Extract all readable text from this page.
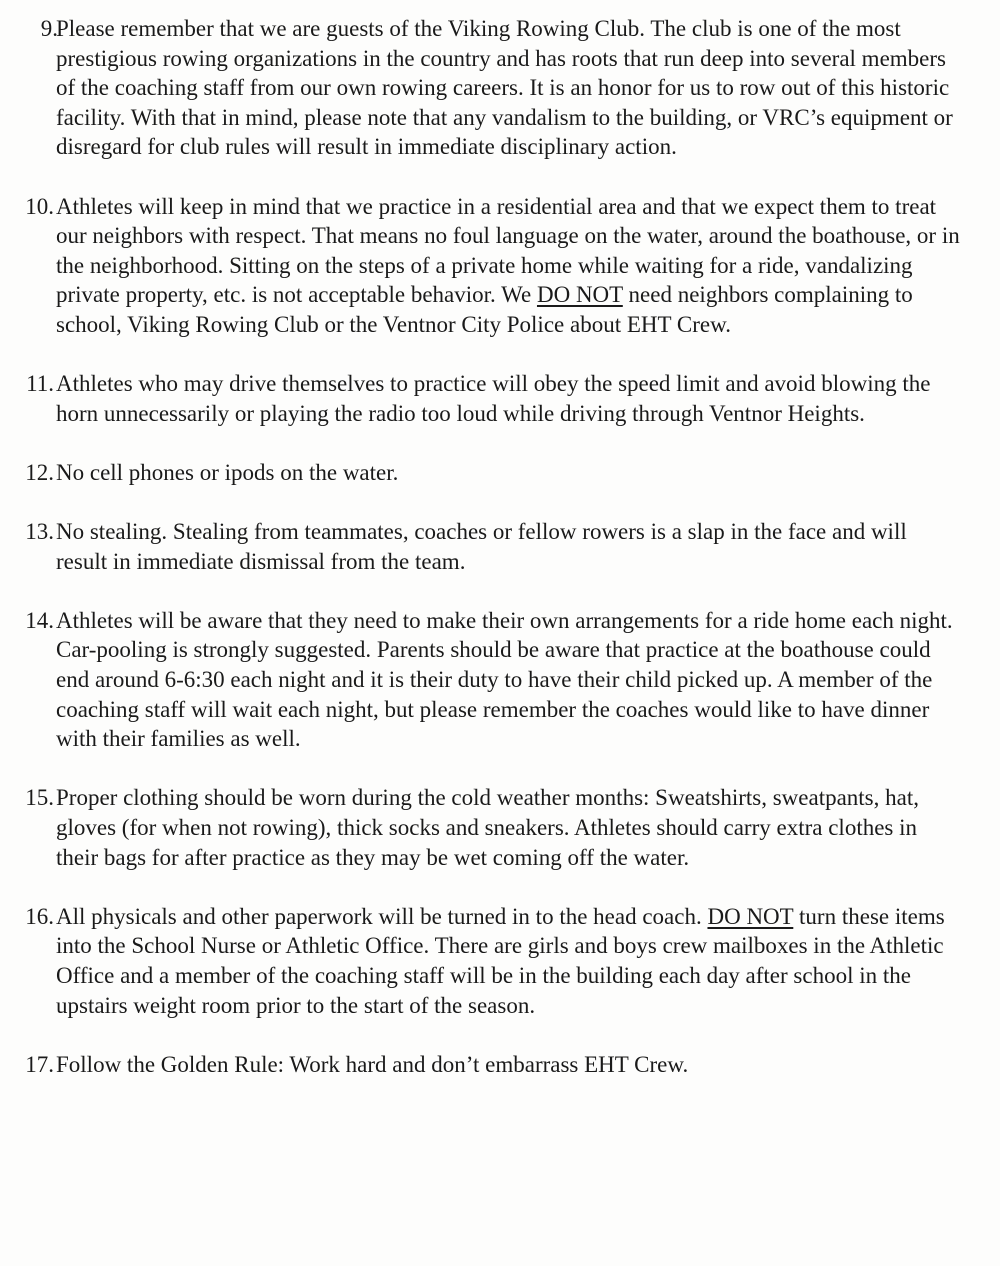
9.
Please remember that we are guests of the Viking Rowing Club. The club is one of the most prestigious rowing organizations in the country and has roots that run deep into several members of the coaching staff from our own rowing careers. It is an honor for us to row out of this historic facility. With that in mind, please note that any vandalism to the building, or VRC’s equipment or disregard for club rules will result in immediate disciplinary action.
10. Athletes will keep in mind that we practice in a residential area and that we expect them to treat our neighbors with respect. That means no foul language on the water, around the boathouse, or in the neighborhood. Sitting on the steps of a private home while waiting for a ride, vandalizing private property, etc. is not acceptable behavior. We DO NOT need neighbors complaining to school, Viking Rowing Club or the Ventnor City Police about EHT Crew.
11. Athletes who may drive themselves to practice will obey the speed limit and avoid blowing the horn unnecessarily or playing the radio too loud while driving through Ventnor Heights.
12. No cell phones or ipods on the water.
13. No stealing. Stealing from teammates, coaches or fellow rowers is a slap in the face and will result in immediate dismissal from the team.
14. Athletes will be aware that they need to make their own arrangements for a ride home each night. Car-pooling is strongly suggested. Parents should be aware that practice at the boathouse could end around 6-6:30 each night and it is their duty to have their child picked up. A member of the coaching staff will wait each night, but please remember the coaches would like to have dinner with their families as well.
15. Proper clothing should be worn during the cold weather months: Sweatshirts, sweatpants, hat, gloves (for when not rowing), thick socks and sneakers. Athletes should carry extra clothes in their bags for after practice as they may be wet coming off the water.
16. All physicals and other paperwork will be turned in to the head coach. DO NOT turn these items into the School Nurse or Athletic Office. There are girls and boys crew mailboxes in the Athletic Office and a member of the coaching staff will be in the building each day after school in the upstairs weight room prior to the start of the season.
17. Follow the Golden Rule: Work hard and don’t embarrass EHT Crew.
